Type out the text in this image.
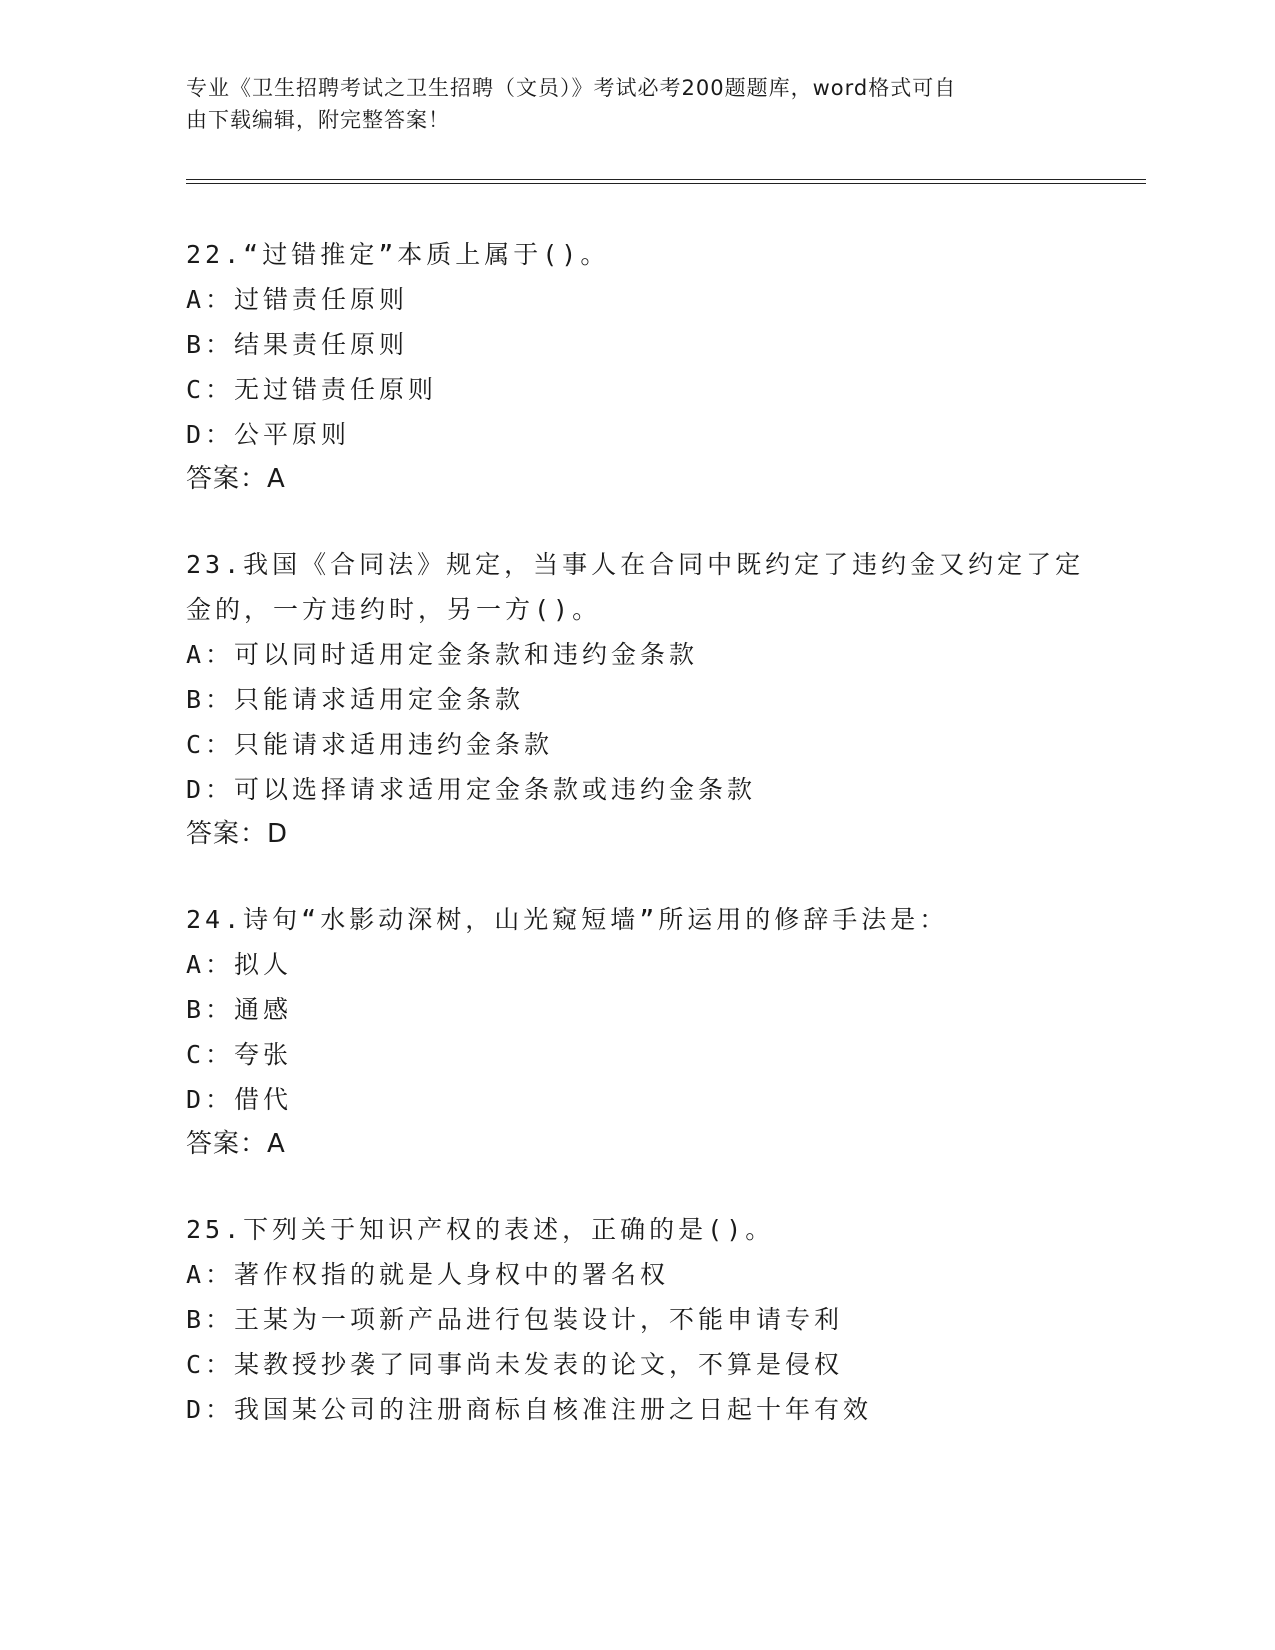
专业《卫生招聘考试之卫生招聘（文员）》考试必考200题题库，word格式可自
由下载编辑，附完整答案！

22.“过错推定”本质上属于()。

A：过错责任原则

B：结果责任原则

C：无过错责任原则

D：公平原则

答案：A

23.我国《合同法》规定，当事人在合同中既约定了违约金又约定了定金的，一方违约时，另一方()。

A：可以同时适用定金条款和违约金条款

B：只能请求适用定金条款

C：只能请求适用违约金条款

D：可以选择请求适用定金条款或违约金条款

答案：D

24.诗句“水影动深树，山光窥短墙”所运用的修辞手法是：

A：拟人

B：通感

C：夸张

D：借代

答案：A

25.下列关于知识产权的表述，正确的是()。

A：著作权指的就是人身权中的署名权

B：王某为一项新产品进行包装设计，不能申请专利

C：某教授抄袭了同事尚未发表的论文，不算是侵权

D：我国某公司的注册商标自核准注册之日起十年有效
